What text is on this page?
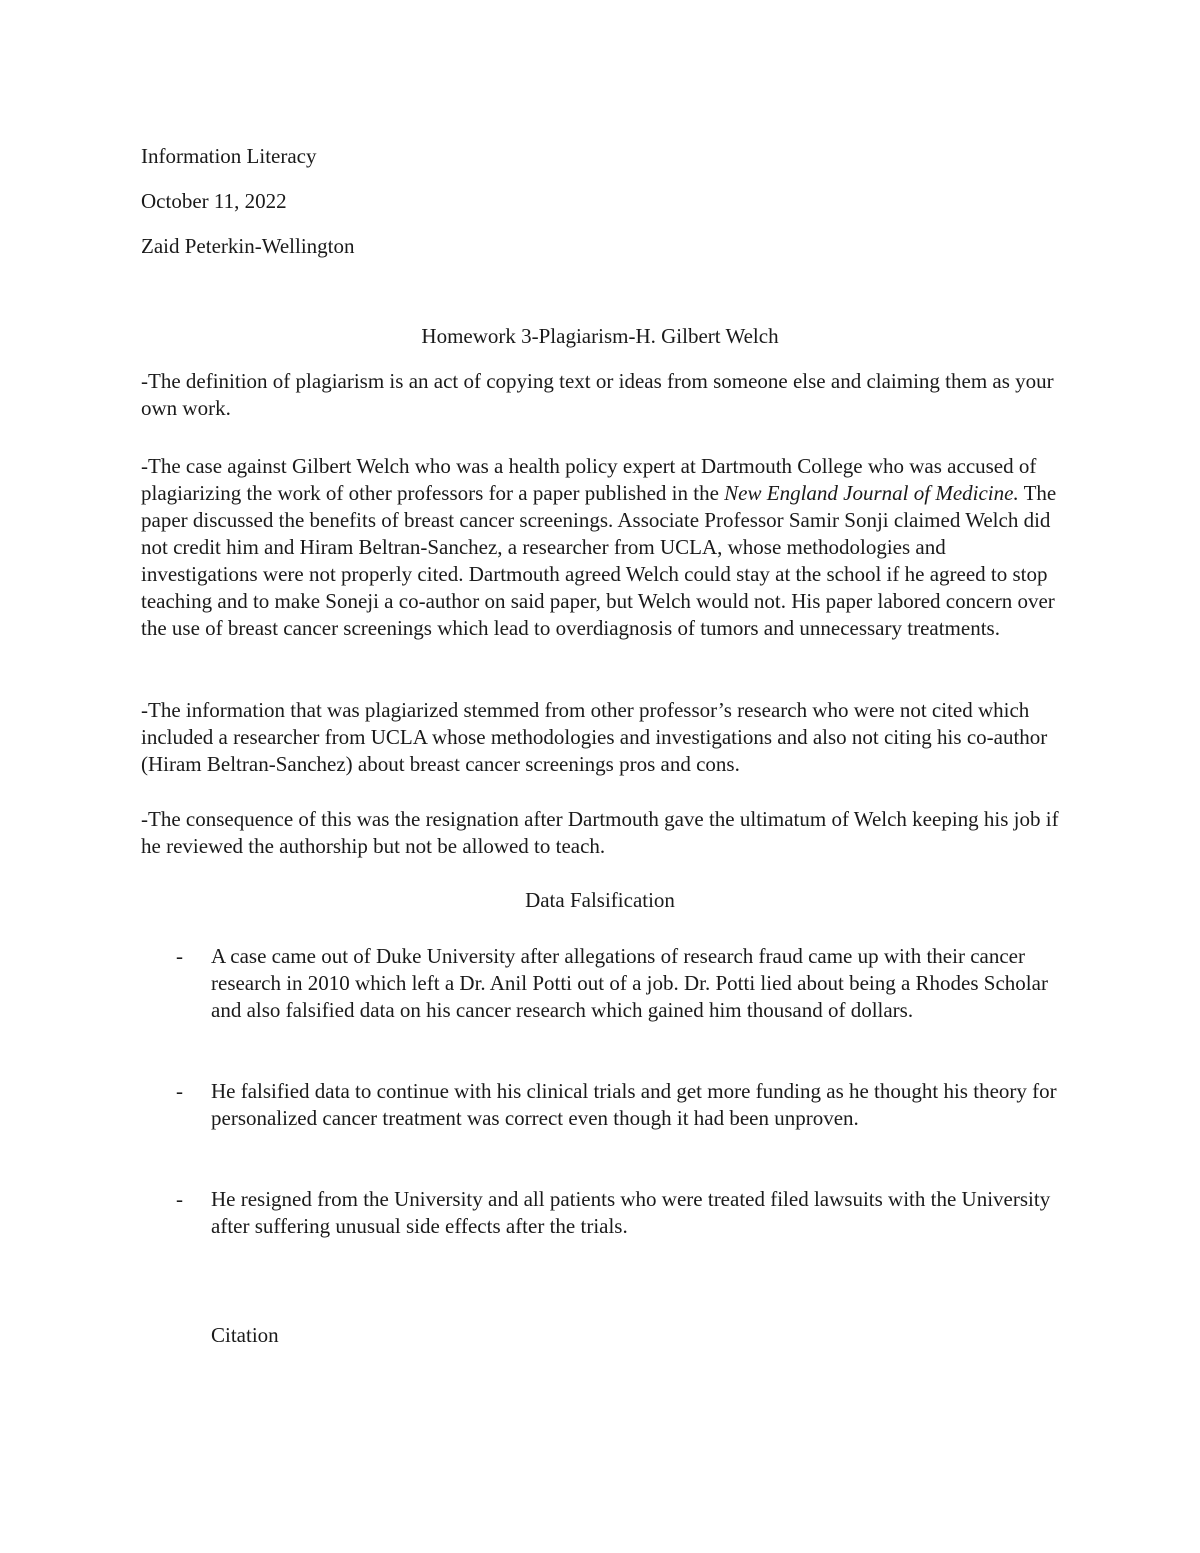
Information Literacy
October 11, 2022
Zaid Peterkin-Wellington
Homework 3-Plagiarism-H. Gilbert Welch

-The definition of plagiarism is an act of copying text or ideas from someone else and claiming them as your own work.

-The case against Gilbert Welch who was a health policy expert at Dartmouth College who was accused of plagiarizing the work of other professors for a paper published in the New England Journal of Medicine. The paper discussed the benefits of breast cancer screenings. Associate Professor Samir Sonji claimed Welch did not credit him and Hiram Beltran-Sanchez, a researcher from UCLA, whose methodologies and investigations were not properly cited. Dartmouth agreed Welch could stay at the school if he agreed to stop teaching and to make Soneji a co-author on said paper, but Welch would not. His paper labored concern over the use of breast cancer screenings which lead to overdiagnosis of tumors and unnecessary treatments.

-The information that was plagiarized stemmed from other professor’s research who were not cited which included a researcher from UCLA whose methodologies and investigations and also not citing his co-author (Hiram Beltran-Sanchez) about breast cancer screenings pros and cons.

-The consequence of this was the resignation after Dartmouth gave the ultimatum of Welch keeping his job if he reviewed the authorship but not be allowed to teach.

Data Falsification
- A case came out of Duke University after allegations of research fraud came up with their cancer research in 2010 which left a Dr. Anil Potti out of a job. Dr. Potti lied about being a Rhodes Scholar and also falsified data on his cancer research which gained him thousand of dollars.

- He falsified data to continue with his clinical trials and get more funding as he thought his theory for personalized cancer treatment was correct even though it had been unproven.

- He resigned from the University and all patients who were treated filed lawsuits with the University after suffering unusual side effects after the trials.

Citation
